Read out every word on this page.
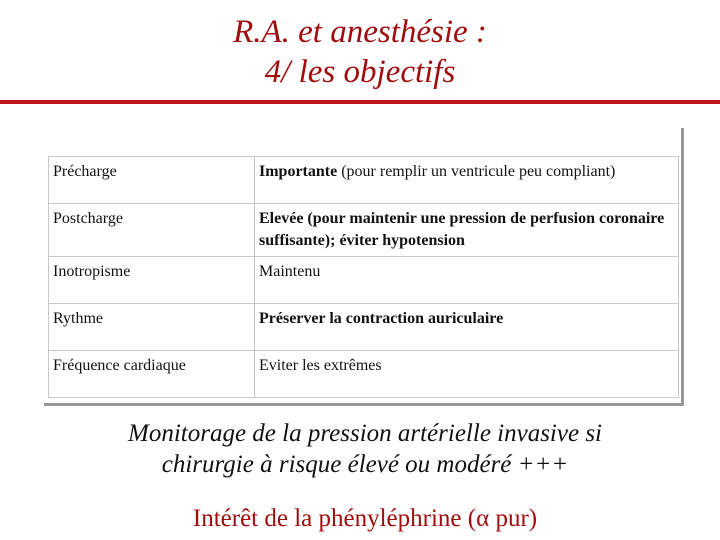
R.A. et anesthésie :
4/ les objectifs
Précharge	Importante (pour remplir un ventricule peu compliant)
Postcharge	Elevée (pour maintenir une pression de perfusion coronaire suffisante); éviter hypotension
Inotropisme	Maintenu
Rythme	Préserver la contraction auriculaire
Fréquence cardiaque	Eviter les extrêmes
Monitorage de la pression artérielle invasive si
chirurgie à risque élevé ou modéré +++
Intérêt de la phényléphrine (α pur)
